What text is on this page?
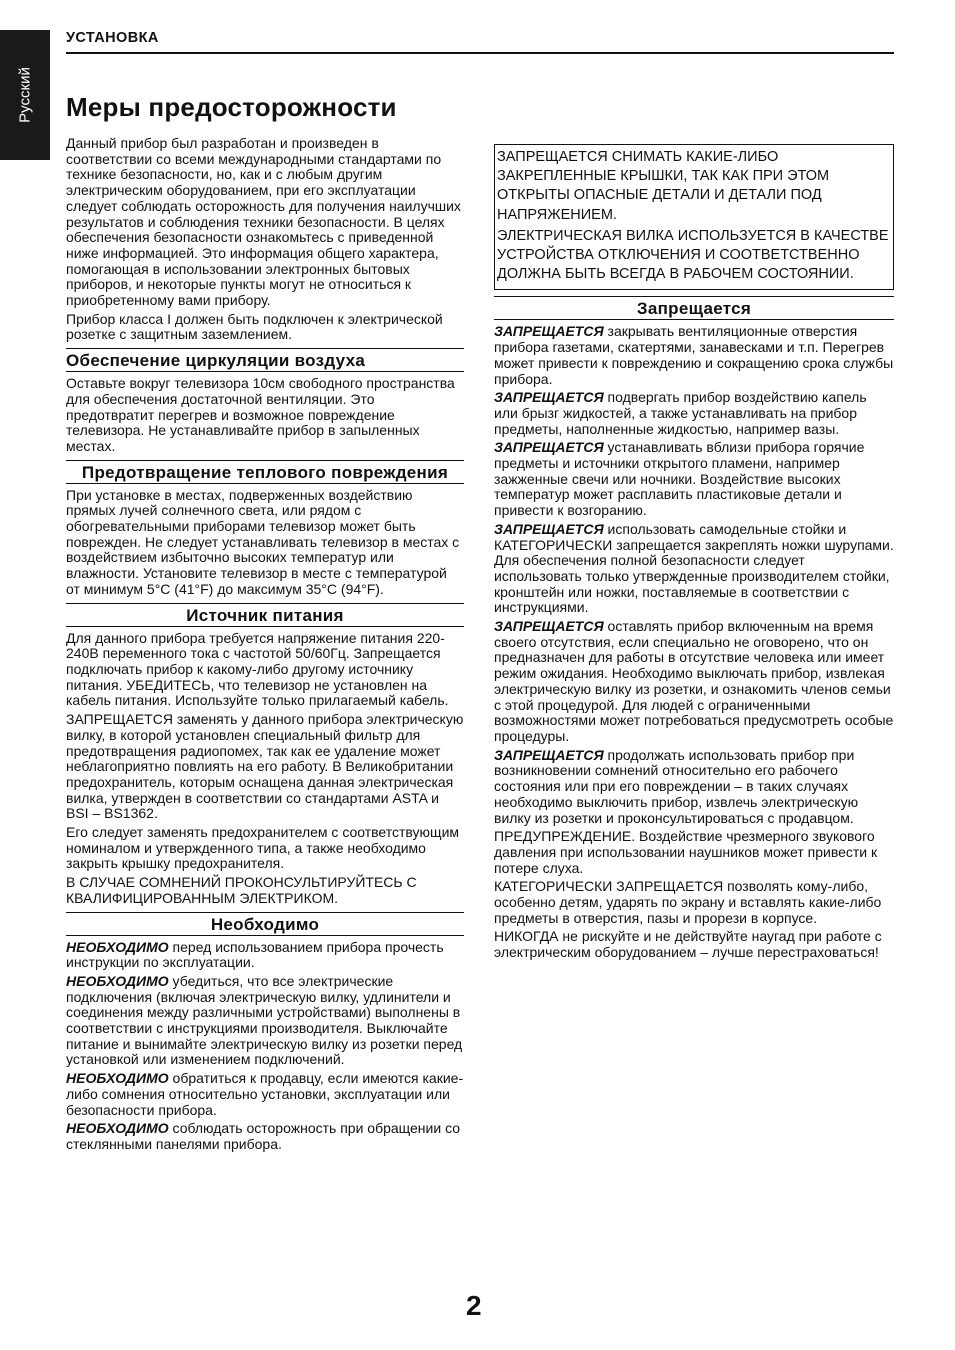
Русский
УСТАНОВКА
Меры предосторожности

Данный прибор был разработан и произведен в соответствии со всеми международными стандартами по технике безопасности, но, как и с любым другим электрическим оборудованием, при его эксплуатации следует соблюдать осторожность для получения наилучших результатов и соблюдения техники безопасности. В целях обеспечения безопасности ознакомьтесь с приведенной ниже информацией. Это информация общего характера, помогающая в использовании электронных бытовых приборов, и некоторые пункты могут не относиться к приобретенному вами прибору.

Прибор класса I должен быть подключен к электрической розетке с защитным заземлением.

Обеспечение циркуляции воздуха

Оставьте вокруг телевизора 10см свободного пространства для обеспечения достаточной вентиляции. Это предотвратит перегрев и возможное повреждение телевизора. Не устанавливайте прибор в запыленных местах.

Предотвращение теплового повреждения

При установке в местах, подверженных воздействию прямых лучей солнечного света, или рядом с обогревательными приборами телевизор может быть поврежден. Не следует устанавливать телевизор в местах с воздействием избыточно высоких температур или влажности. Установите телевизор в месте с температурой от минимум 5°C (41°F) до максимум 35°C (94°F).

Источник питания

Для данного прибора требуется напряжение питания 220-240В переменного тока с частотой 50/60Гц. Запрещается подключать прибор к какому-либо другому источнику питания. УБЕДИТЕСЬ, что телевизор не установлен на кабель питания. Используйте только прилагаемый кабель.

ЗАПРЕЩАЕТСЯ заменять у данного прибора электрическую вилку, в которой установлен специальный фильтр для предотвращения радиопомех, так как ее удаление может неблагоприятно повлиять на его работу. В Великобритании предохранитель, которым оснащена данная электрическая вилка, утвержден в соответствии со стандартами ASTA и BSI – BS1362.

Его следует заменять предохранителем с соответствующим номиналом и утвержденного типа, а также необходимо закрыть крышку предохранителя.

В СЛУЧАЕ СОМНЕНИЙ ПРОКОНСУЛЬТИРУЙТЕСЬ С КВАЛИФИЦИРОВАННЫМ ЭЛЕКТРИКОМ.

Необходимо

НЕОБХОДИМО перед использованием прибора прочесть инструкции по эксплуатации.

НЕОБХОДИМО убедиться, что все электрические подключения (включая электрическую вилку, удлинители и соединения между различными устройствами) выполнены в соответствии с инструкциями производителя. Выключайте питание и вынимайте электрическую вилку из розетки перед установкой или изменением подключений.

НЕОБХОДИМО обратиться к продавцу, если имеются какие-либо сомнения относительно установки, эксплуатации или безопасности прибора.

НЕОБХОДИМО соблюдать осторожность при обращении со стеклянными панелями прибора.

ЗАПРЕЩАЕТСЯ СНИМАТЬ КАКИЕ-ЛИБО ЗАКРЕПЛЕННЫЕ КРЫШКИ, ТАК КАК ПРИ ЭТОМ ОТКРЫТЫ ОПАСНЫЕ ДЕТАЛИ И ДЕТАЛИ ПОД НАПРЯЖЕНИЕМ.

ЭЛЕКТРИЧЕСКАЯ ВИЛКА ИСПОЛЬЗУЕТСЯ В КАЧЕСТВЕ УСТРОЙСТВА ОТКЛЮЧЕНИЯ И СООТВЕТСТВЕННО ДОЛЖНА БЫТЬ ВСЕГДА В РАБОЧЕМ СОСТОЯНИИ.

Запрещается

ЗАПРЕЩАЕТСЯ закрывать вентиляционные отверстия прибора газетами, скатертями, занавесками и т.п. Перегрев может привести к повреждению и сокращению срока службы прибора.

ЗАПРЕЩАЕТСЯ подвергать прибор воздействию капель или брызг жидкостей, а также устанавливать на прибор предметы, наполненные жидкостью, например вазы.

ЗАПРЕЩАЕТСЯ устанавливать вблизи прибора горячие предметы и источники открытого пламени, например зажженные свечи или ночники. Воздействие высоких температур может расплавить пластиковые детали и привести к возгоранию.

ЗАПРЕЩАЕТСЯ использовать самодельные стойки и КАТЕГОРИЧЕСКИ запрещается закреплять ножки шурупами. Для обеспечения полной безопасности следует использовать только утвержденные производителем стойки, кронштейн или ножки, поставляемые в соответствии с инструкциями.

ЗАПРЕЩАЕТСЯ оставлять прибор включенным на время своего отсутствия, если специально не оговорено, что он предназначен для работы в отсутствие человека или имеет режим ожидания. Необходимо выключать прибор, извлекая электрическую вилку из розетки, и ознакомить членов семьи с этой процедурой. Для людей с ограниченными возможностями может потребоваться предусмотреть особые процедуры.

ЗАПРЕЩАЕТСЯ продолжать использовать прибор при возникновении сомнений относительно его рабочего состояния или при его повреждении – в таких случаях необходимо выключить прибор, извлечь электрическую вилку из розетки и проконсультироваться с продавцом.

ПРЕДУПРЕЖДЕНИЕ. Воздействие чрезмерного звукового давления при использовании наушников может привести к потере слуха.

КАТЕГОРИЧЕСКИ ЗАПРЕЩАЕТСЯ позволять кому-либо, особенно детям, ударять по экрану и вставлять какие-либо предметы в отверстия, пазы и прорези в корпусе.

НИКОГДА не рискуйте и не действуйте наугад при работе с электрическим оборудованием – лучше перестраховаться!

2
